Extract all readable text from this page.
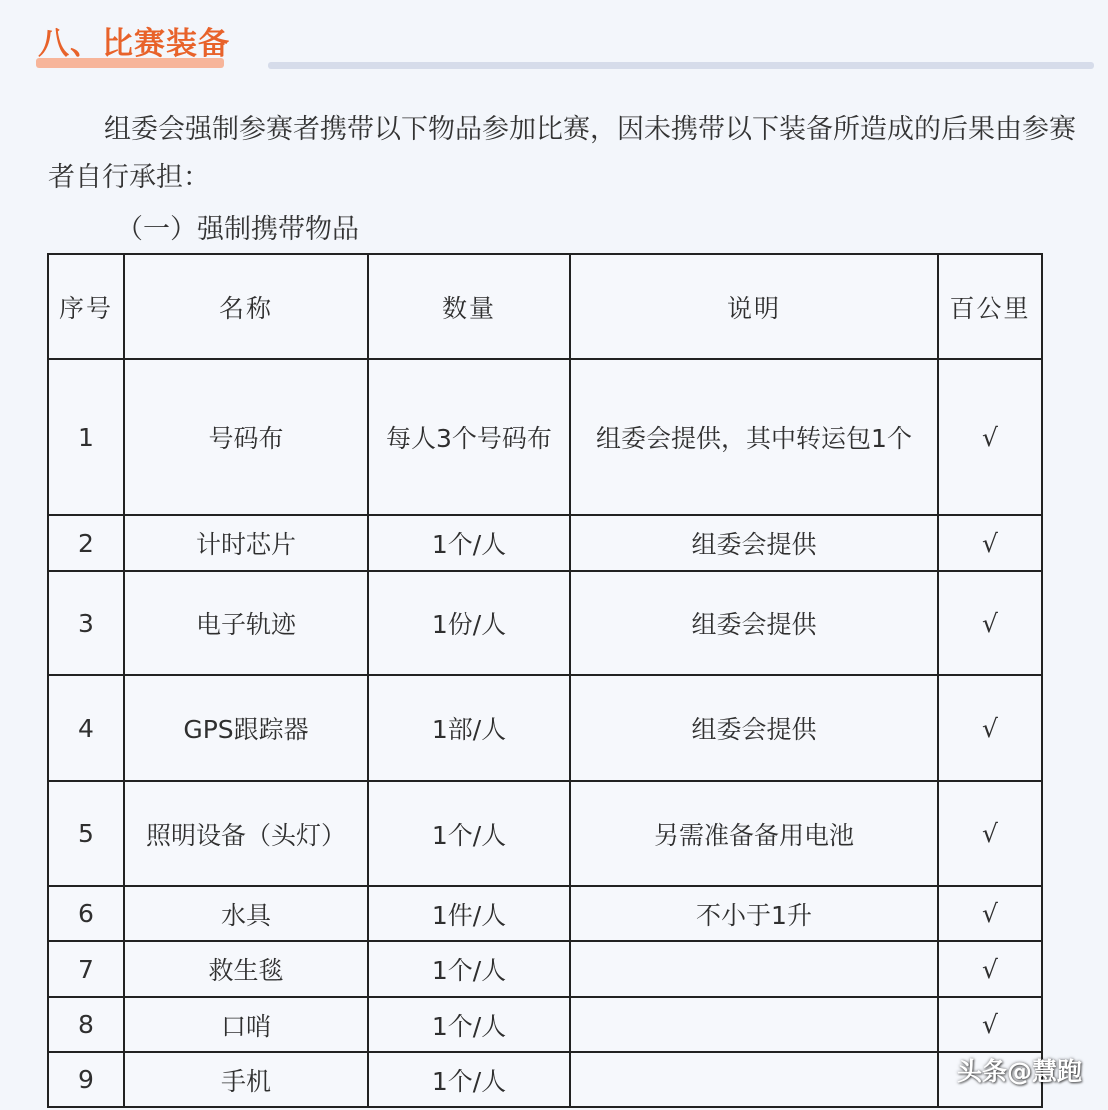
八、比赛装备

组委会强制参赛者携带以下物品参加比赛，因未携带以下装备所造成的后果由参赛者自行承担：

（一）强制携带物品
序号	名称	数量	说明	百公里
1	号码布	每人3个号码布	组委会提供，其中转运包1个	√
2	计时芯片	1个/人	组委会提供	√
3	电子轨迹	1份/人	组委会提供	√
4	GPS跟踪器	1部/人	组委会提供	√
5	照明设备（头灯）	1个/人	另需准备备用电池	√
6	水具	1件/人	不小于1升	√
7	救生毯	1个/人		√
8	口哨	1个/人		√
9	手机	1个/人			头条@慧跑
